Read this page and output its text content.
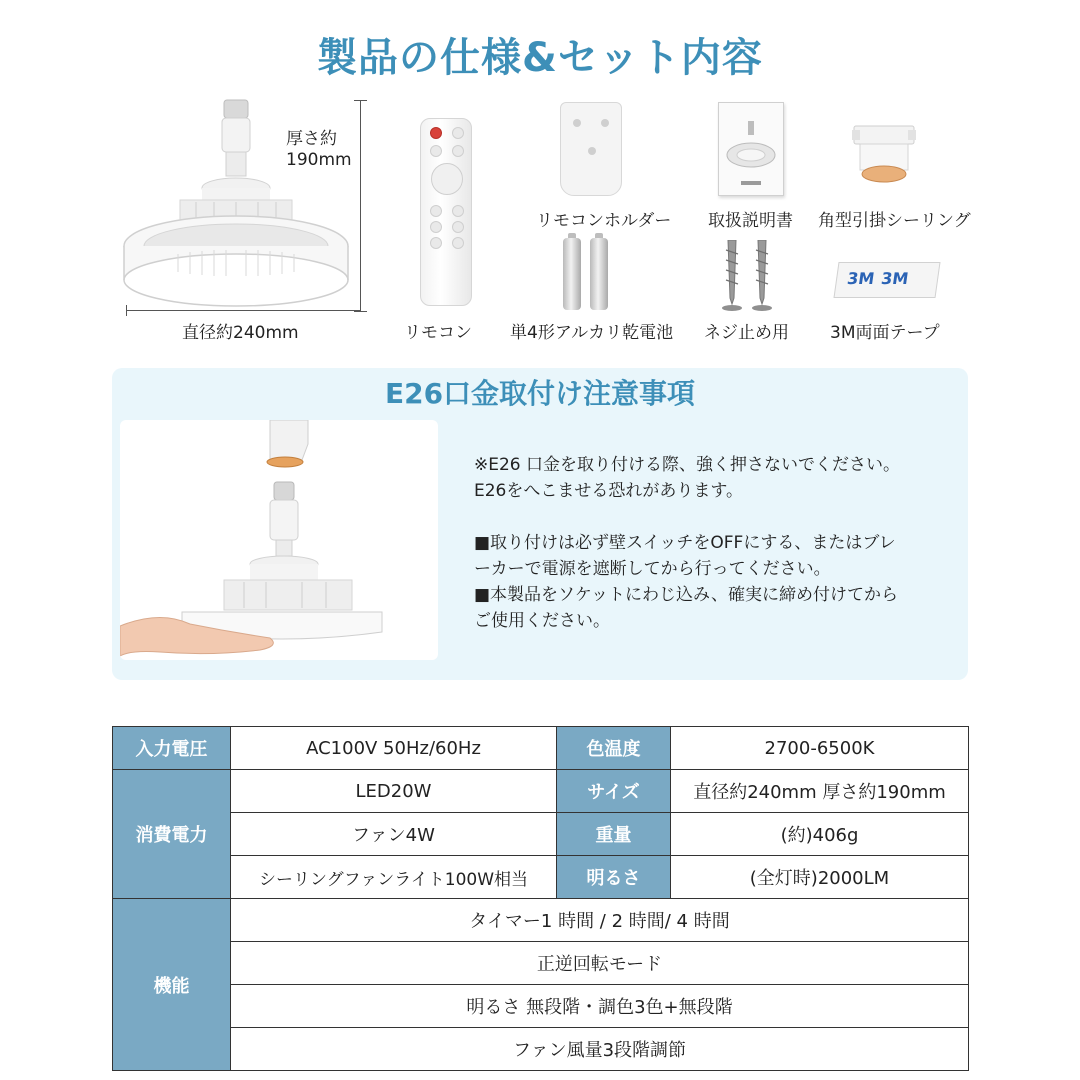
製品の仕様&セット内容
厚さ約
190mm
直径約240mm	リモコン
リモコンホルダー 取扱説明書 角型引掛シーリング
単4形アルカリ乾電池 ネジ止め用
3M 3M
3M両面テープ
E26口金取付け注意事項

※E26 口金を取り付ける際、強く押さないでください。

E26をへこませる恐れがあります。

■取り付けは必ず壁スイッチをOFFにする、またはブレ

ーカーで電源を遮断してから行ってください。

■本製品をソケットにわじ込み、確実に締め付けてから

ご使用ください。

入力電圧	AC100V 50Hz/60Hz	色温度	2700-6500K
消費電力	LED20W	サイズ	直径約240mm 厚さ約190mm
	ファン4W	重量	(約)406g
	シーリングファンライト100W相当	明るさ	(全灯時)2000LM
機能	タイマー1 時間 / 2 時間/ 4 時間		
	正逆回転モード		
	明るさ 無段階・調色3色+無段階		
	ファン風量3段階調節		
